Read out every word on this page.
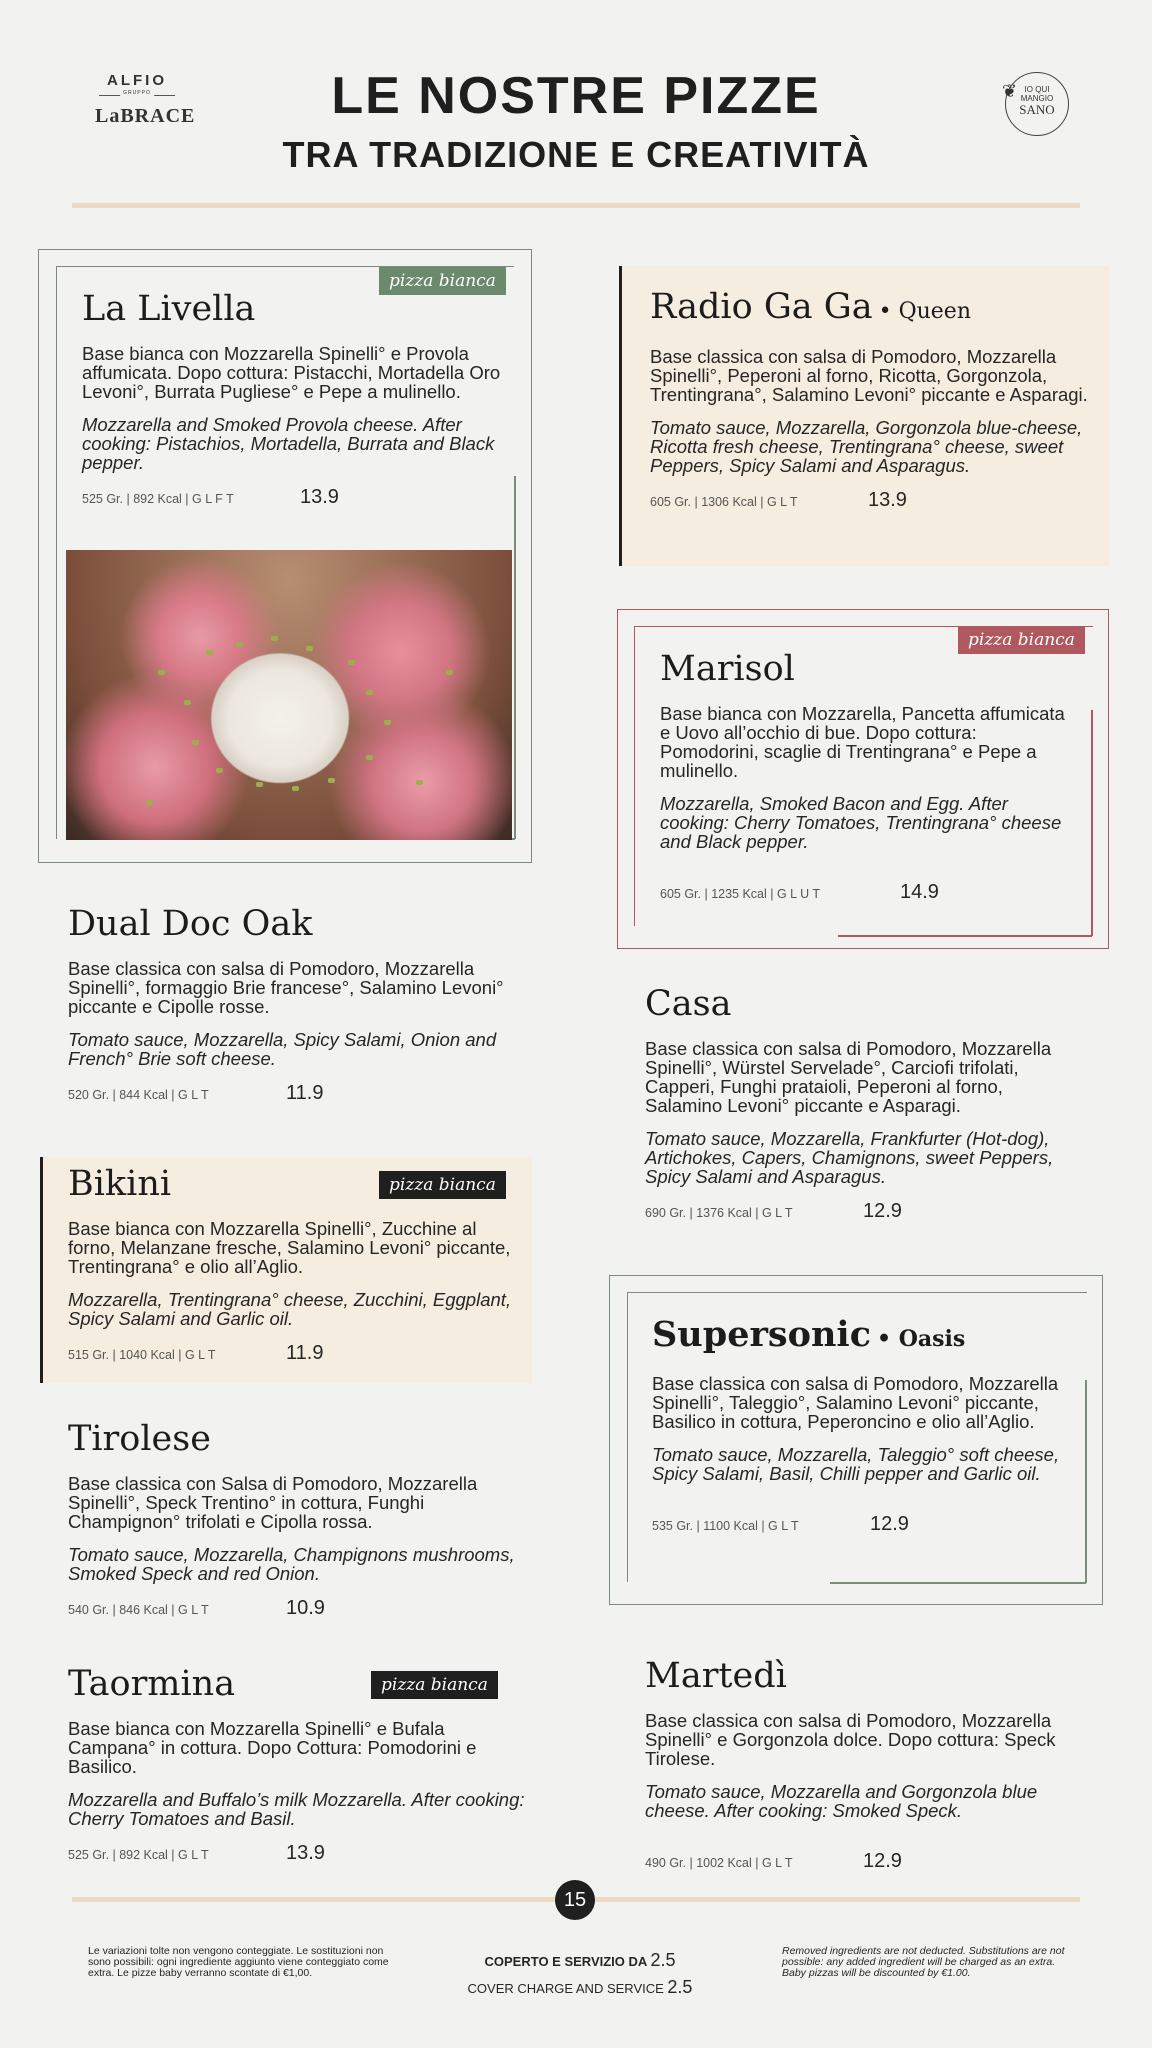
ALFIO
GRUPPO
LaBRACE	LE NOSTRE PIZZE
TRA TRADIZIONE E CREATIVITÀ
❦ IO QUI
MANGIO
SANO
pizza bianca
La Livella
Base bianca con Mozzarella Spinelli° e Provola affumicata. Dopo cottura: Pistacchi, Mortadella Oro Levoni°, Burrata Pugliese° e Pepe a mulinello.
Mozzarella and Smoked Provola cheese. After cooking: Pistachios, Mortadella, Burrata and Black pepper.
525 Gr. | 892 Kcal | G L F T	13.9
Radio Ga Ga • Queen
Base classica con salsa di Pomodoro, Mozzarella Spinelli°, Peperoni al forno, Ricotta, Gorgonzola, Trentingrana°, Salamino Levoni° piccante e Asparagi.
Tomato sauce, Mozzarella, Gorgonzola blue-cheese, Ricotta fresh cheese, Trentingrana° cheese, sweet Peppers, Spicy Salami and Asparagus.
605 Gr. | 1306 Kcal | G L T	13.9
pizza bianca
Marisol
Base bianca con Mozzarella, Pancetta affumicata e Uovo all’occhio di bue. Dopo cottura: Pomodorini, scaglie di Trentingrana° e Pepe a mulinello.
Mozzarella, Smoked Bacon and Egg. After cooking: Cherry Tomatoes, Trentingrana° cheese and Black pepper.
605 Gr. | 1235 Kcal | G L U T	14.9
Dual Doc Oak
Base classica con salsa di Pomodoro, Mozzarella Spinelli°, formaggio Brie francese°, Salamino Levoni° piccante e Cipolle rosse.
Tomato sauce, Mozzarella, Spicy Salami, Onion and French° Brie soft cheese.
520 Gr. | 844 Kcal | G L T	11.9
Casa
Base classica con salsa di Pomodoro, Mozzarella Spinelli°, Würstel Servelade°, Carciofi trifolati, Capperi, Funghi prataioli, Peperoni al forno, Salamino Levoni° piccante e Asparagi.
Tomato sauce, Mozzarella, Frankfurter (Hot-dog), Artichokes, Capers, Chamignons, sweet Peppers, Spicy Salami and Asparagus.
690 Gr. | 1376 Kcal | G L T	12.9
pizza bianca
Bikini
Base bianca con Mozzarella Spinelli°, Zucchine al forno, Melanzane fresche, Salamino Levoni° piccante, Trentingrana° e olio all’Aglio.
Mozzarella, Trentingrana° cheese, Zucchini, Eggplant, Spicy Salami and Garlic oil.
515 Gr. | 1040 Kcal | G L T	11.9	Supersonic • Oasis
Base classica con salsa di Pomodoro, Mozzarella Spinelli°, Taleggio°, Salamino Levoni° piccante, Basilico in cottura, Peperoncino e olio all’Aglio.
Tomato sauce, Mozzarella, Taleggio° soft cheese, Spicy Salami, Basil, Chilli pepper and Garlic oil.
535 Gr. | 1100 Kcal | G L T	12.9
Tirolese
Base classica con Salsa di Pomodoro, Mozzarella Spinelli°, Speck Trentino° in cottura, Funghi Champignon° trifolati e Cipolla rossa.
Tomato sauce, Mozzarella, Champignons mushrooms, Smoked Speck and red Onion.
540 Gr. | 846 Kcal | G L T	10.9
pizza bianca
Taormina
Base bianca con Mozzarella Spinelli° e Bufala Campana° in cottura. Dopo Cottura: Pomodorini e Basilico.
Mozzarella and Buffalo’s milk Mozzarella. After cooking: Cherry Tomatoes and Basil.
525 Gr. | 892 Kcal | G L T	13.9
Martedì
Base classica con salsa di Pomodoro, Mozzarella Spinelli° e Gorgonzola dolce. Dopo cottura: Speck Tirolese.
Tomato sauce, Mozzarella and Gorgonzola blue cheese. After cooking: Smoked Speck.
490 Gr. | 1002 Kcal | G L T	12.9
15
Le variazioni tolte non vengono conteggiate. Le sostituzioni non sono possibili: ogni ingrediente aggiunto viene conteggiato come extra. Le pizze baby verranno scontate di €1,00.
COPERTO E SERVIZIO DA 2.5
COVER CHARGE AND SERVICE 2.5
Removed ingredients are not deducted. Substitutions are not possible: any added ingredient will be charged as an extra. Baby pizzas will be discounted by €1.00.
